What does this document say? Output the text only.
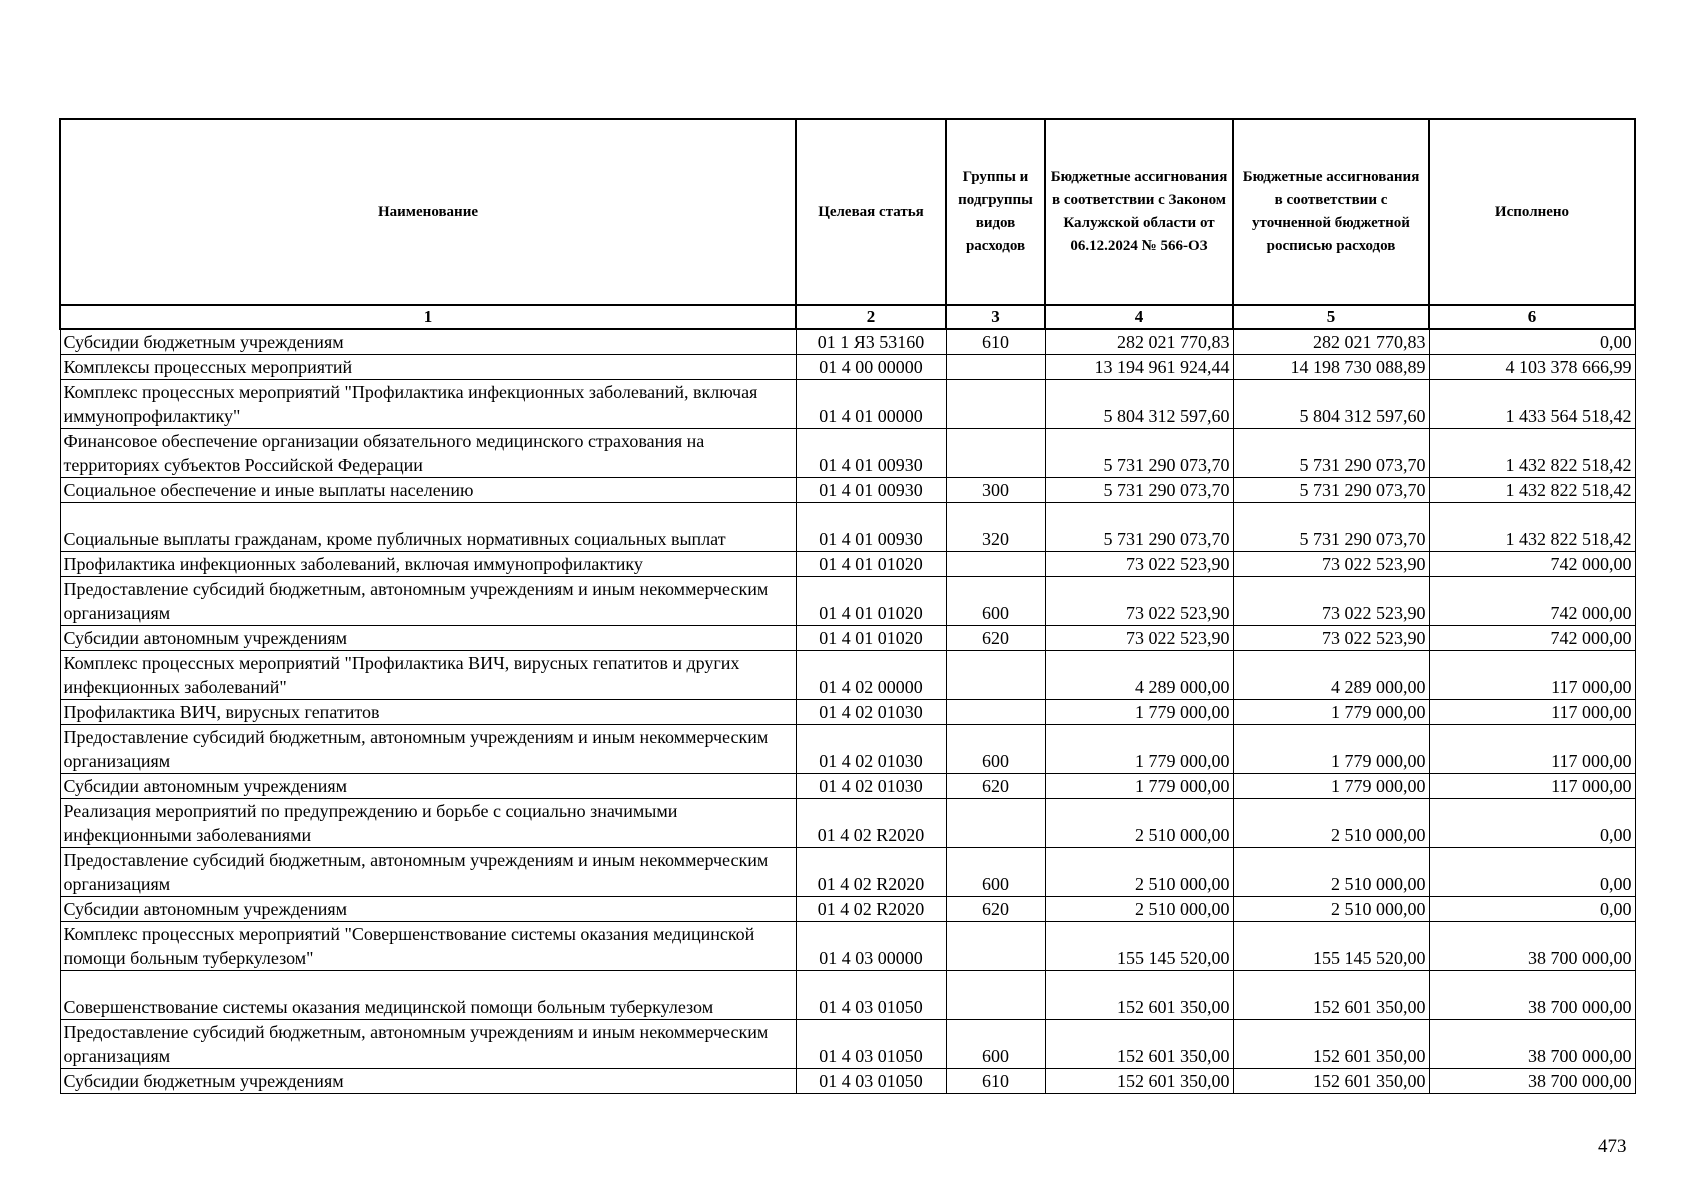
Наименование	Целевая статья	Группы и подгруппы видов расходов	Бюджетные ассигнования в соответствии с Законом Калужской области от 06.12.2024 № 566-ОЗ	Бюджетные ассигнования в соответствии с уточненной бюджетной росписью расходов	Исполнено
1	2	3	4	5	6
Субсидии бюджетным учреждениям	01 1 Я3 53160	610	282 021 770,83	282 021 770,83	0,00
Комплексы процессных мероприятий	01 4 00 00000		13 194 961 924,44	14 198 730 088,89	4 103 378 666,99
Комплекс процессных мероприятий "Профилактика инфекционных заболеваний, включая иммунопрофилактику"	01 4 01 00000		5 804 312 597,60	5 804 312 597,60	1 433 564 518,42
Финансовое обеспечение организации обязательного медицинского страхования на территориях субъектов Российской Федерации	01 4 01 00930		5 731 290 073,70	5 731 290 073,70	1 432 822 518,42
Социальное обеспечение и иные выплаты населению	01 4 01 00930	300	5 731 290 073,70	5 731 290 073,70	1 432 822 518,42
Социальные выплаты гражданам, кроме публичных нормативных социальных выплат	01 4 01 00930	320	5 731 290 073,70	5 731 290 073,70	1 432 822 518,42
Профилактика инфекционных заболеваний, включая иммунопрофилактику	01 4 01 01020		73 022 523,90	73 022 523,90	742 000,00
Предоставление субсидий бюджетным, автономным учреждениям и иным некоммерческим организациям	01 4 01 01020	600	73 022 523,90	73 022 523,90	742 000,00
Субсидии автономным учреждениям	01 4 01 01020	620	73 022 523,90	73 022 523,90	742 000,00
Комплекс процессных мероприятий "Профилактика ВИЧ, вирусных гепатитов и других инфекционных заболеваний"	01 4 02 00000		4 289 000,00	4 289 000,00	117 000,00
Профилактика ВИЧ, вирусных гепатитов	01 4 02 01030		1 779 000,00	1 779 000,00	117 000,00
Предоставление субсидий бюджетным, автономным учреждениям и иным некоммерческим организациям	01 4 02 01030	600	1 779 000,00	1 779 000,00	117 000,00
Субсидии автономным учреждениям	01 4 02 01030	620	1 779 000,00	1 779 000,00	117 000,00
Реализация мероприятий по предупреждению и борьбе с социально значимыми инфекционными заболеваниями	01 4 02 R2020		2 510 000,00	2 510 000,00	0,00
Предоставление субсидий бюджетным, автономным учреждениям и иным некоммерческим организациям	01 4 02 R2020	600	2 510 000,00	2 510 000,00	0,00
Субсидии автономным учреждениям	01 4 02 R2020	620	2 510 000,00	2 510 000,00	0,00
Комплекс процессных мероприятий "Совершенствование системы оказания медицинской помощи больным туберкулезом"	01 4 03 00000		155 145 520,00	155 145 520,00	38 700 000,00
Совершенствование системы оказания медицинской помощи больным туберкулезом	01 4 03 01050		152 601 350,00	152 601 350,00	38 700 000,00
Предоставление субсидий бюджетным, автономным учреждениям и иным некоммерческим организациям	01 4 03 01050	600	152 601 350,00	152 601 350,00	38 700 000,00
Субсидии бюджетным учреждениям	01 4 03 01050	610	152 601 350,00	152 601 350,00	38 700 000,00
473
